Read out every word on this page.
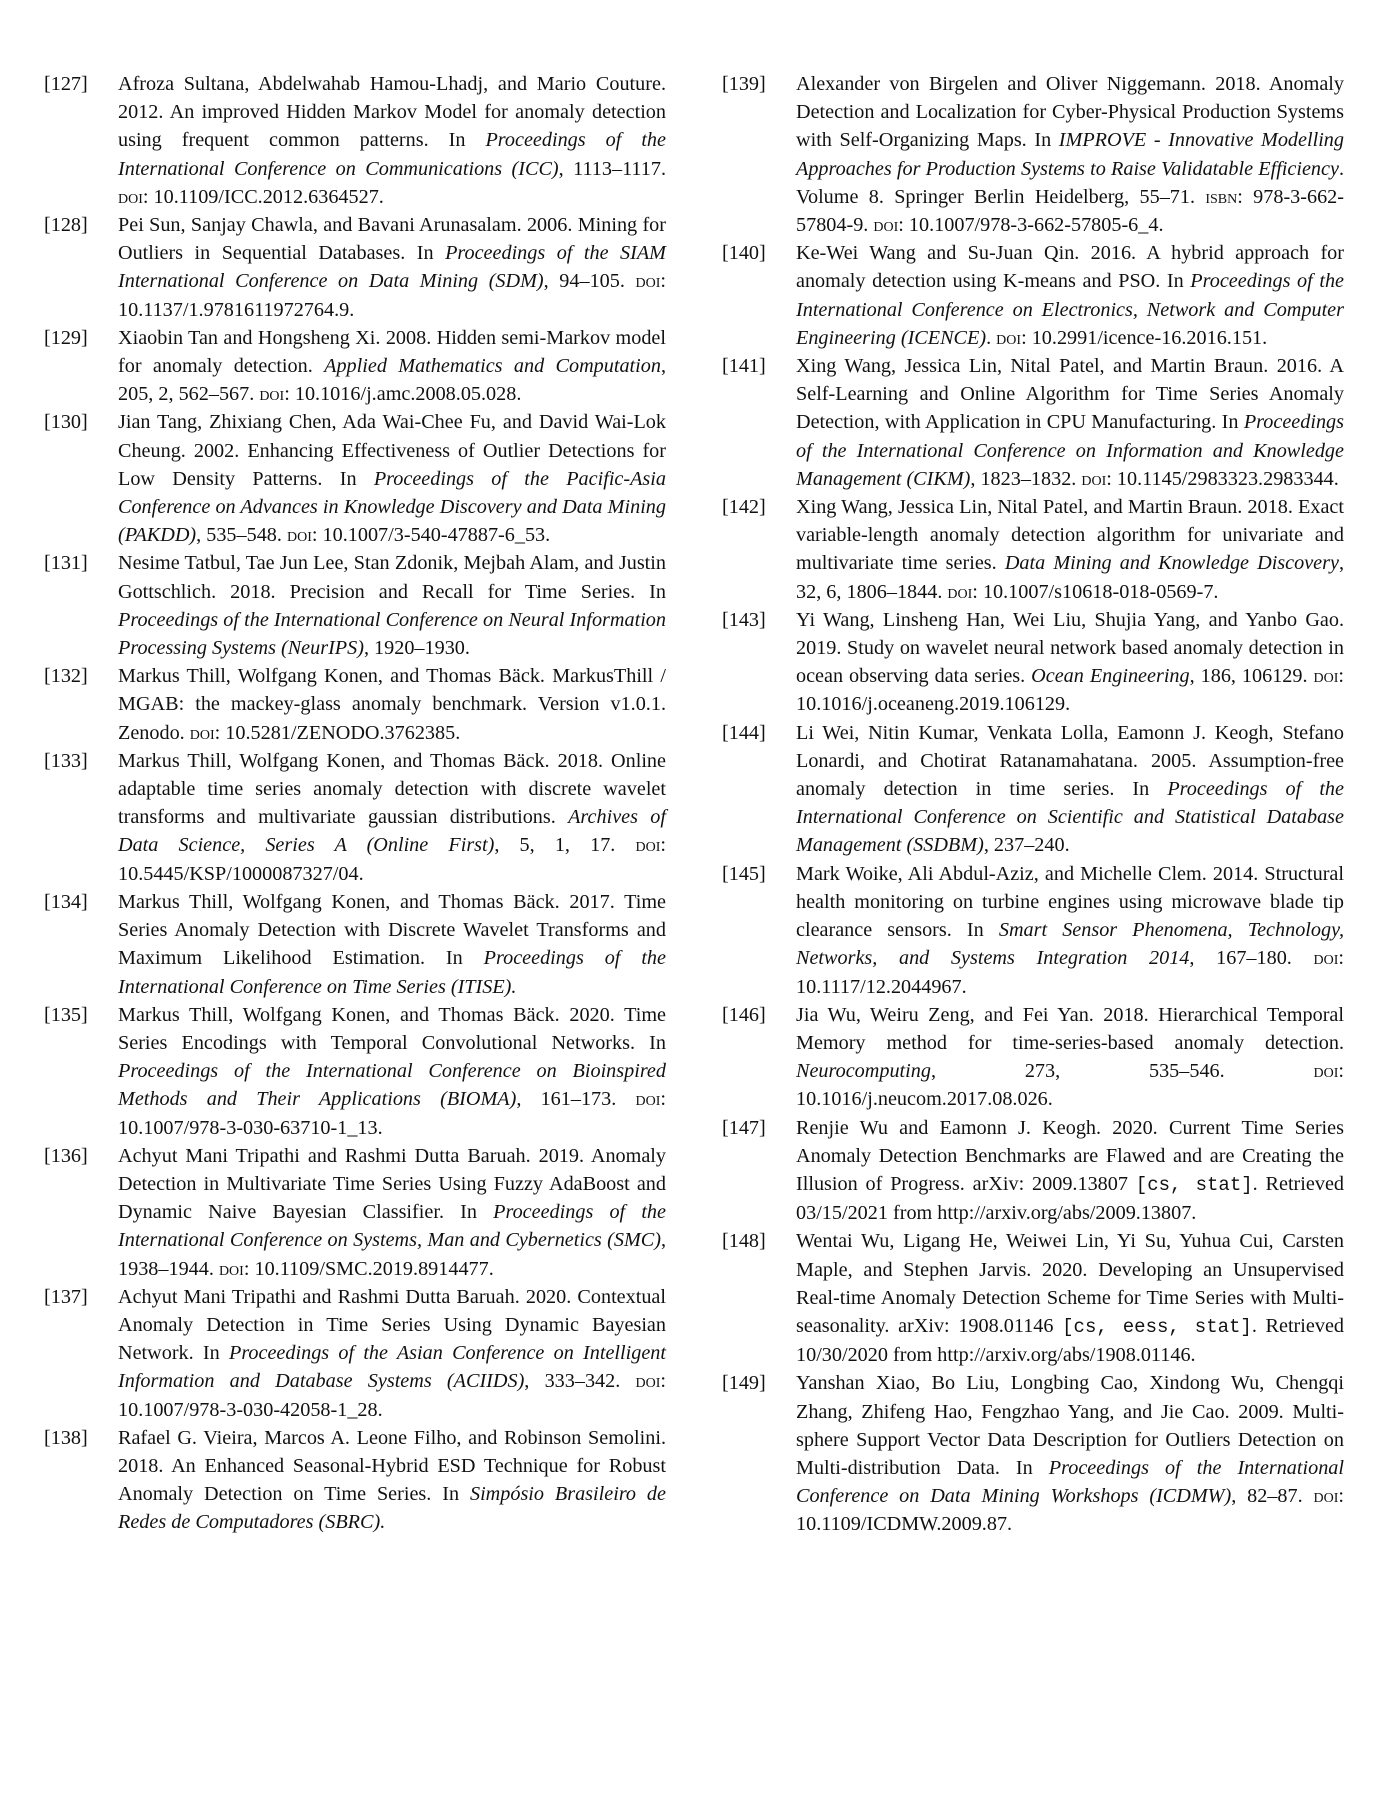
[127]	Afroza Sultana, Abdelwahab Hamou-Lhadj, and Mario Couture. 2012. An improved Hidden Markov Model for anomaly detection using frequent common patterns. In Proceedings of the International Conference on Communications (ICC), 1113–1117. doi: 10.1109/ICC.2012.6364527.
[128]	Pei Sun, Sanjay Chawla, and Bavani Arunasalam. 2006. Mining for Outliers in Sequential Databases. In Proceedings of the SIAM International Conference on Data Mining (SDM), 94–105. doi: 10.1137/1.9781611972764.9.
[129]	Xiaobin Tan and Hongsheng Xi. 2008. Hidden semi-Markov model for anomaly detection. Applied Mathematics and Computation, 205, 2, 562–567. doi: 10.1016/j.amc.2008.05.028.
[130]	Jian Tang, Zhixiang Chen, Ada Wai-Chee Fu, and David Wai-Lok Cheung. 2002. Enhancing Effectiveness of Outlier Detections for Low Density Patterns. In Proceedings of the Pacific-Asia Conference on Advances in Knowledge Discovery and Data Mining (PAKDD), 535–548. doi: 10.1007/3-540-47887-6_53.
[131]	Nesime Tatbul, Tae Jun Lee, Stan Zdonik, Mejbah Alam, and Justin Gottschlich. 2018. Precision and Recall for Time Series. In Proceedings of the International Conference on Neural Information Processing Systems (NeurIPS), 1920–1930.
[132]	Markus Thill, Wolfgang Konen, and Thomas Bäck. MarkusThill / MGAB: the mackey-glass anomaly benchmark. Version v1.0.1. Zenodo. doi: 10.5281/ZENODO.3762385.
[133]	Markus Thill, Wolfgang Konen, and Thomas Bäck. 2018. Online adaptable time series anomaly detection with discrete wavelet transforms and multivariate gaussian distributions. Archives of Data Science, Series A (Online First), 5, 1, 17. doi: 10.5445/KSP/1000087327/04.
[134]	Markus Thill, Wolfgang Konen, and Thomas Bäck. 2017. Time Series Anomaly Detection with Discrete Wavelet Transforms and Maximum Likelihood Estimation. In Proceedings of the International Conference on Time Series (ITISE).
[135]	Markus Thill, Wolfgang Konen, and Thomas Bäck. 2020. Time Series Encodings with Temporal Convolutional Networks. In Proceedings of the International Conference on Bioinspired Methods and Their Applications (BIOMA), 161–173. doi: 10.1007/978-3-030-63710-1_13.
[136]	Achyut Mani Tripathi and Rashmi Dutta Baruah. 2019. Anomaly Detection in Multivariate Time Series Using Fuzzy AdaBoost and Dynamic Naive Bayesian Classifier. In Proceedings of the International Conference on Systems, Man and Cybernetics (SMC), 1938–1944. doi: 10.1109/SMC.2019.8914477.
[137]	Achyut Mani Tripathi and Rashmi Dutta Baruah. 2020. Contextual Anomaly Detection in Time Series Using Dynamic Bayesian Network. In Proceedings of the Asian Conference on Intelligent Information and Database Systems (ACIIDS), 333–342. doi: 10.1007/978-3-030-42058-1_28.
[138]	Rafael G. Vieira, Marcos A. Leone Filho, and Robinson Semolini. 2018. An Enhanced Seasonal-Hybrid ESD Technique for Robust Anomaly Detection on Time Series. In Simpósio Brasileiro de Redes de Computadores (SBRC).
[139]	Alexander von Birgelen and Oliver Niggemann. 2018. Anomaly Detection and Localization for Cyber-Physical Production Systems with Self-Organizing Maps. In IMPROVE - Innovative Modelling Approaches for Production Systems to Raise Validatable Efficiency. Volume 8. Springer Berlin Heidelberg, 55–71. isbn: 978-3-662-57804-9. doi: 10.1007/978-3-662-57805-6_4.
[140]	Ke-Wei Wang and Su-Juan Qin. 2016. A hybrid approach for anomaly detection using K-means and PSO. In Proceedings of the International Conference on Electronics, Network and Computer Engineering (ICENCE). doi: 10.2991/icence-16.2016.151.
[141]	Xing Wang, Jessica Lin, Nital Patel, and Martin Braun. 2016. A Self-Learning and Online Algorithm for Time Series Anomaly Detection, with Application in CPU Manufacturing. In Proceedings of the International Conference on Information and Knowledge Management (CIKM), 1823–1832. doi: 10.1145/2983323.2983344.
[142]	Xing Wang, Jessica Lin, Nital Patel, and Martin Braun. 2018. Exact variable-length anomaly detection algorithm for univariate and multivariate time series. Data Mining and Knowledge Discovery, 32, 6, 1806–1844. doi: 10.1007/s10618-018-0569-7.
[143]	Yi Wang, Linsheng Han, Wei Liu, Shujia Yang, and Yanbo Gao. 2019. Study on wavelet neural network based anomaly detection in ocean observing data series. Ocean Engineering, 186, 106129. doi: 10.1016/j.oceaneng.2019.106129.
[144]	Li Wei, Nitin Kumar, Venkata Lolla, Eamonn J. Keogh, Stefano Lonardi, and Chotirat Ratanamahatana. 2005. Assumption-free anomaly detection in time series. In Proceedings of the International Conference on Scientific and Statistical Database Management (SSDBM), 237–240.
[145]	Mark Woike, Ali Abdul-Aziz, and Michelle Clem. 2014. Structural health monitoring on turbine engines using microwave blade tip clearance sensors. In Smart Sensor Phenomena, Technology, Networks, and Systems Integration 2014, 167–180. doi: 10.1117/12.2044967.
[146]	Jia Wu, Weiru Zeng, and Fei Yan. 2018. Hierarchical Temporal Memory method for time-series-based anomaly detection. Neurocomputing, 273, 535–546. doi: 10.1016/j.neucom.2017.08.026.
[147]	Renjie Wu and Eamonn J. Keogh. 2020. Current Time Series Anomaly Detection Benchmarks are Flawed and are Creating the Illusion of Progress. arXiv: 2009.13807 [cs, stat]. Retrieved 03/15/2021 from http://arxiv.org/abs/2009.13807.
[148]	Wentai Wu, Ligang He, Weiwei Lin, Yi Su, Yuhua Cui, Carsten Maple, and Stephen Jarvis. 2020. Developing an Unsupervised Real-time Anomaly Detection Scheme for Time Series with Multi-seasonality. arXiv: 1908.01146 [cs, eess, stat]. Retrieved 10/30/2020 from http://arxiv.org/abs/1908.01146.
[149]	Yanshan Xiao, Bo Liu, Longbing Cao, Xindong Wu, Chengqi Zhang, Zhifeng Hao, Fengzhao Yang, and Jie Cao. 2009. Multi-sphere Support Vector Data Description for Outliers Detection on Multi-distribution Data. In Proceedings of the International Conference on Data Mining Workshops (ICDMW), 82–87. doi: 10.1109/ICDMW.2009.87.
